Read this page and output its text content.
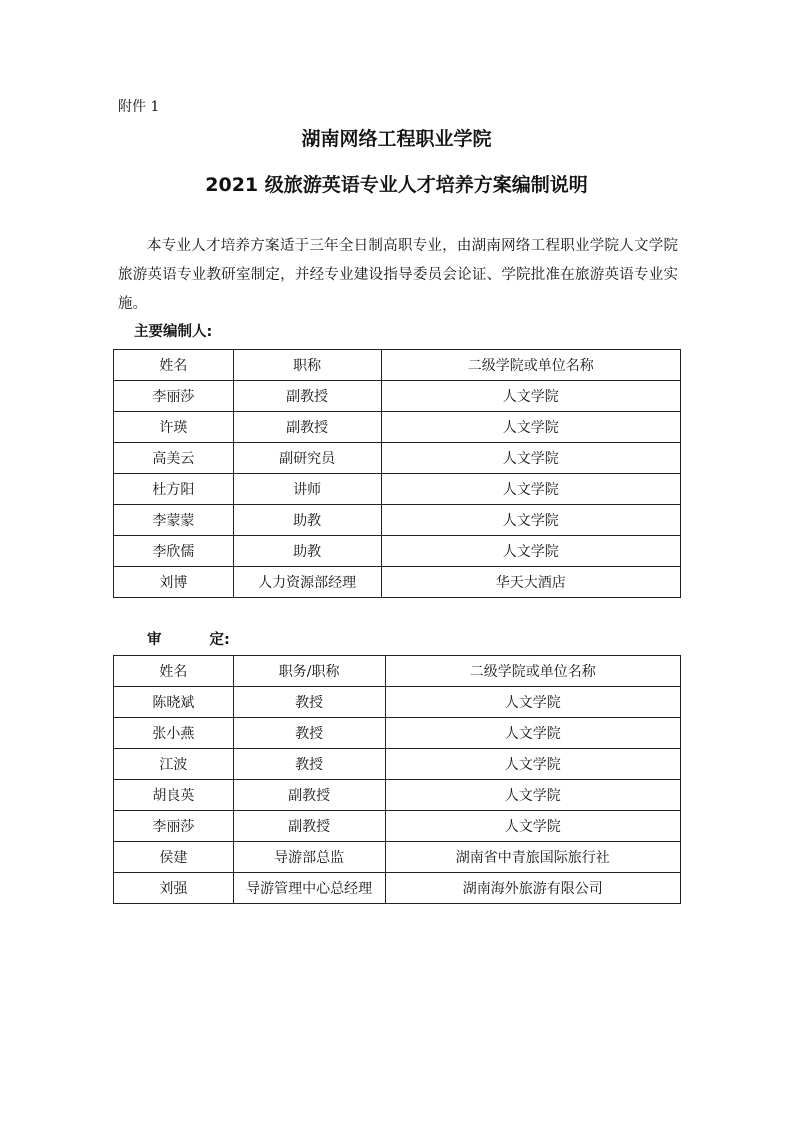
附件 1
湖南网络工程职业学院
2021 级旅游英语专业人才培养方案编制说明
本专业人才培养方案适于三年全日制高职专业，由湖南网络工程职业学院人文学院旅游英语专业教研室制定，并经专业建设指导委员会论证、学院批准在旅游英语专业实施。
主要编制人:
姓名	职称	二级学院或单位名称
李丽莎	副教授	人文学院
许瑛	副教授	人文学院
高美云	副研究员	人文学院
杜方阳	讲师	人文学院
李蒙蒙	助教	人文学院
李欣儒	助教	人文学院
刘博	人力资源部经理	华天大酒店
审	定:
姓名	职务/职称	二级学院或单位名称
陈晓斌	教授	人文学院
张小燕	教授	人文学院
江波	教授	人文学院
胡良英	副教授	人文学院
李丽莎	副教授	人文学院
侯建	导游部总监	湖南省中青旅国际旅行社
刘强	导游管理中心总经理	湖南海外旅游有限公司
